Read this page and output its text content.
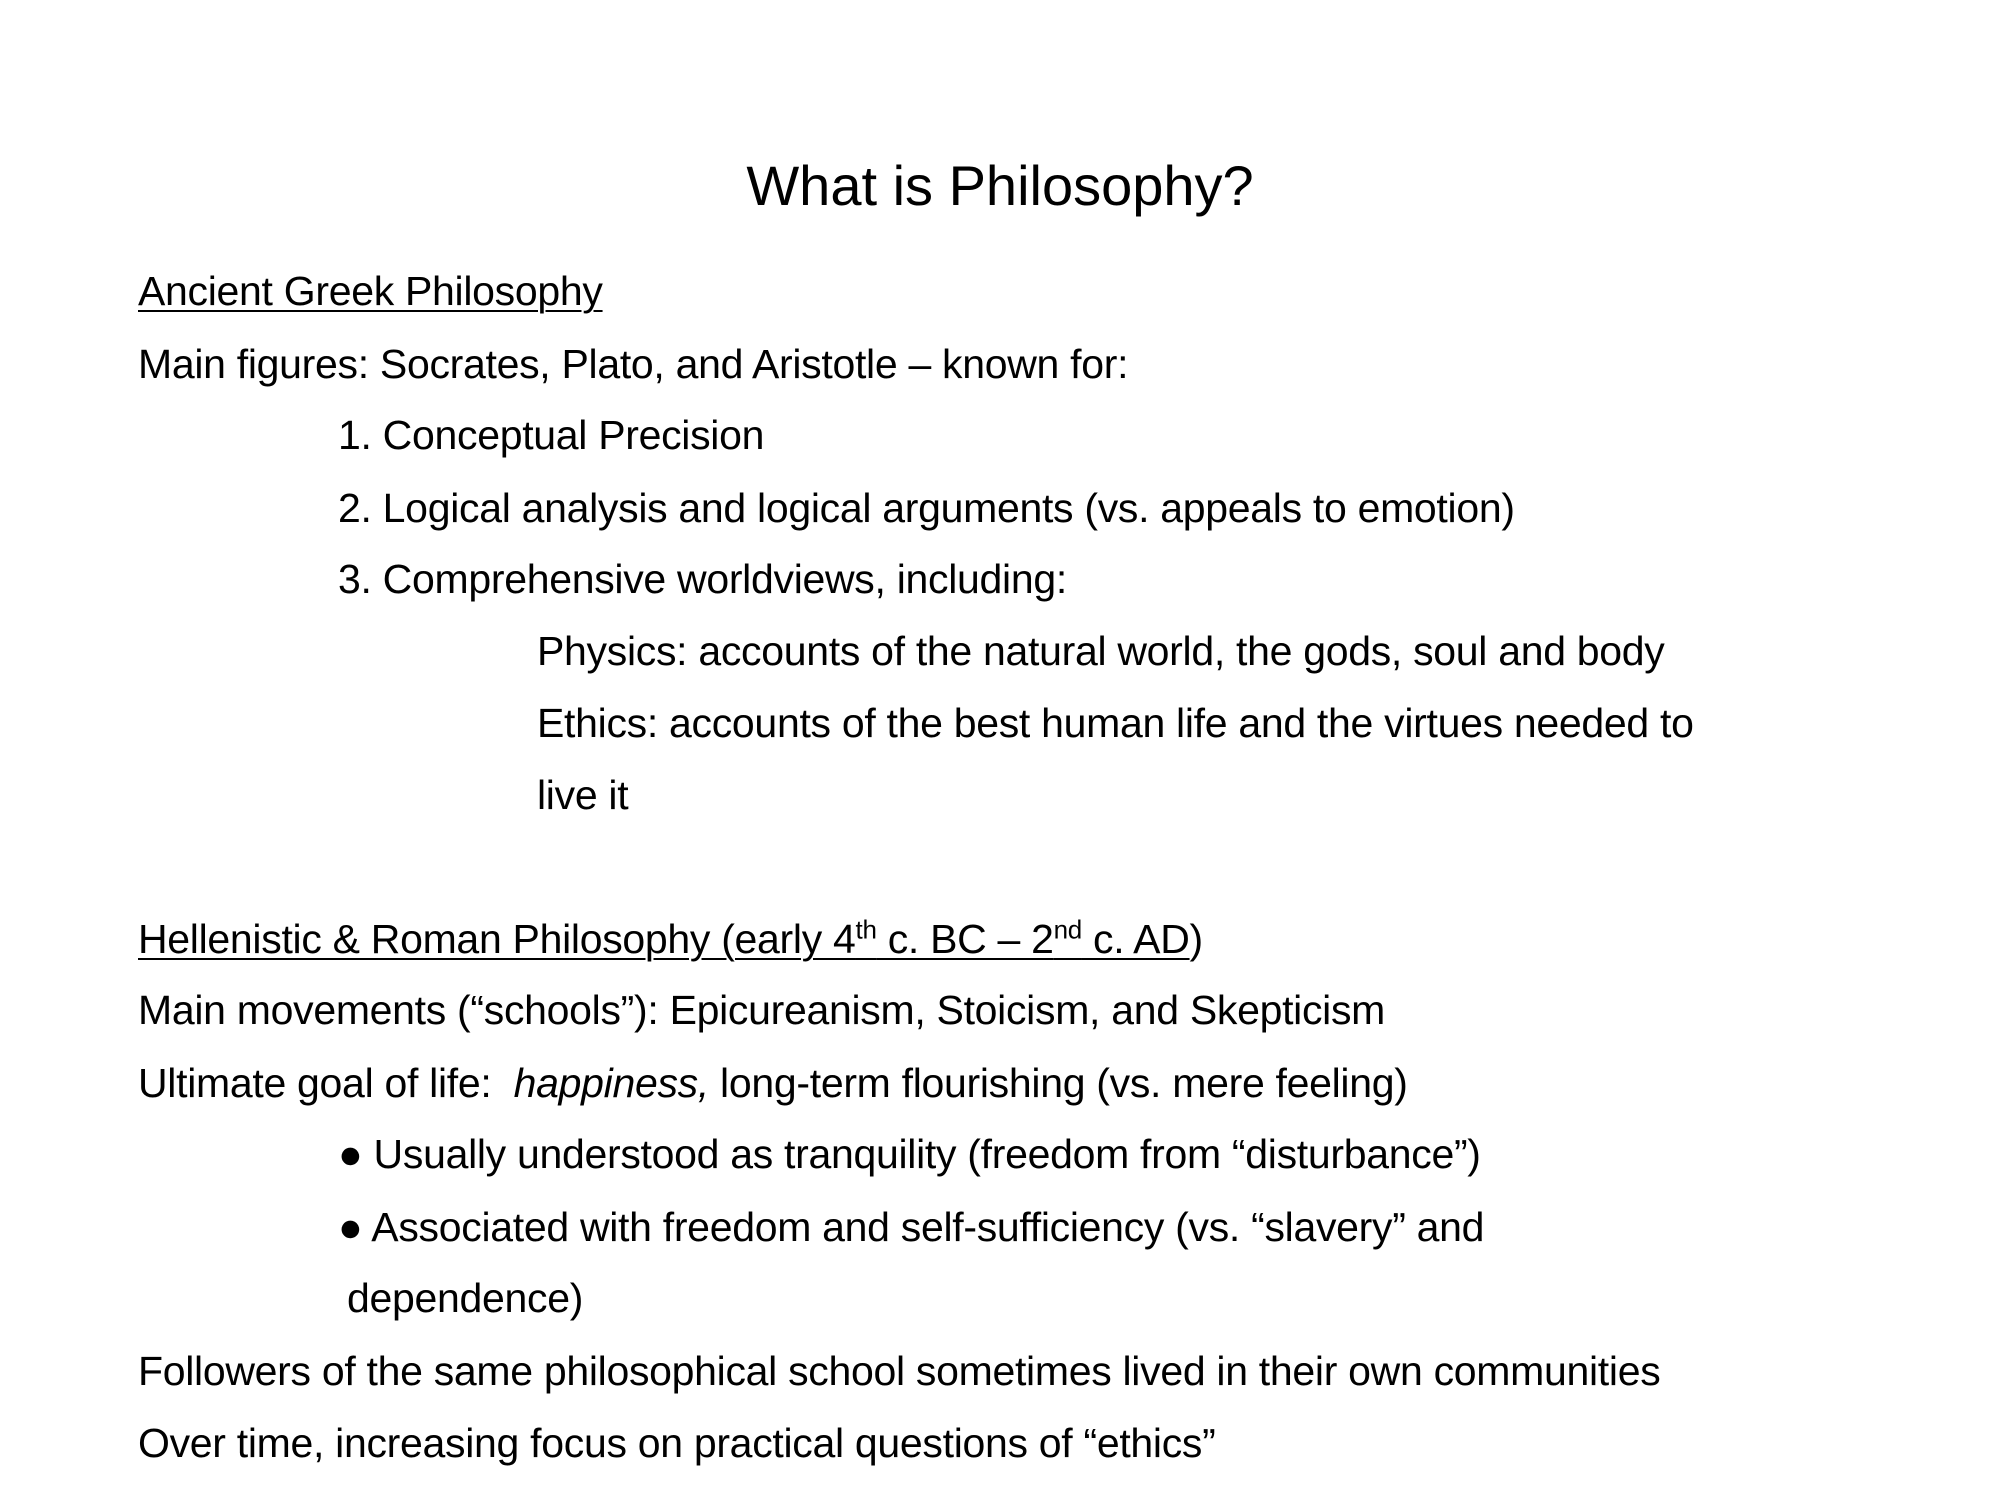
What is Philosophy?
Ancient Greek Philosophy
Main figures: Socrates, Plato, and Aristotle – known for:
1. Conceptual Precision
2. Logical analysis and logical arguments (vs. appeals to emotion)
3. Comprehensive worldviews, including:
Physics: accounts of the natural world, the gods, soul and body
Ethics: accounts of the best human life and the virtues needed to
live it
Hellenistic & Roman Philosophy (early 4th c. BC – 2nd c. AD)
Main movements (“schools”): Epicureanism, Stoicism, and Skepticism
Ultimate goal of life:  happiness, long-term flourishing (vs. mere feeling)
● Usually understood as tranquility (freedom from “disturbance”)
● Associated with freedom and self-sufficiency (vs. “slavery” and
dependence)
Followers of the same philosophical school sometimes lived in their own communities
Over time, increasing focus on practical questions of “ethics”
